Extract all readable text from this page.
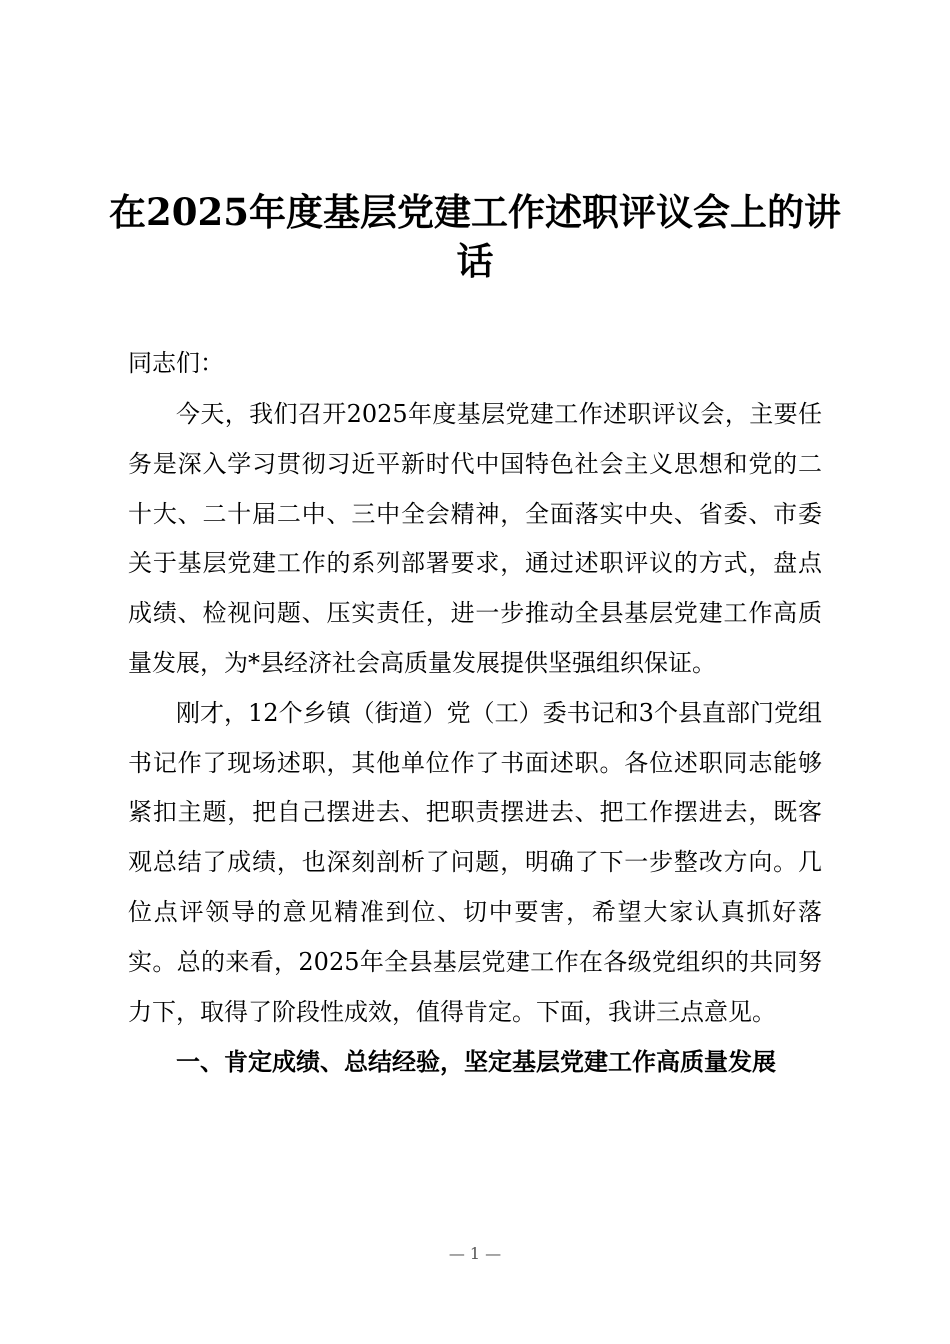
在2025年度基层党建工作述职评议会上的讲话

同志们：

今天，我们召开2025年度基层党建工作述职评议会，主要任务是深入学习贯彻习近平新时代中国特色社会主义思想和党的二十大、二十届二中、三中全会精神，全面落实中央、省委、市委关于基层党建工作的系列部署要求，通过述职评议的方式，盘点成绩、检视问题、压实责任，进一步推动全县基层党建工作高质量发展，为*县经济社会高质量发展提供坚强组织保证。

刚才，12个乡镇（街道）党（工）委书记和3个县直部门党组书记作了现场述职，其他单位作了书面述职。各位述职同志能够紧扣主题，把自己摆进去、把职责摆进去、把工作摆进去，既客观总结了成绩，也深刻剖析了问题，明确了下一步整改方向。几位点评领导的意见精准到位、切中要害，希望大家认真抓好落实。总的来看，2025年全县基层党建工作在各级党组织的共同努力下，取得了阶段性成效，值得肯定。下面，我讲三点意见。

一、肯定成绩、总结经验，坚定基层党建工作高质量发展

— 1 —
